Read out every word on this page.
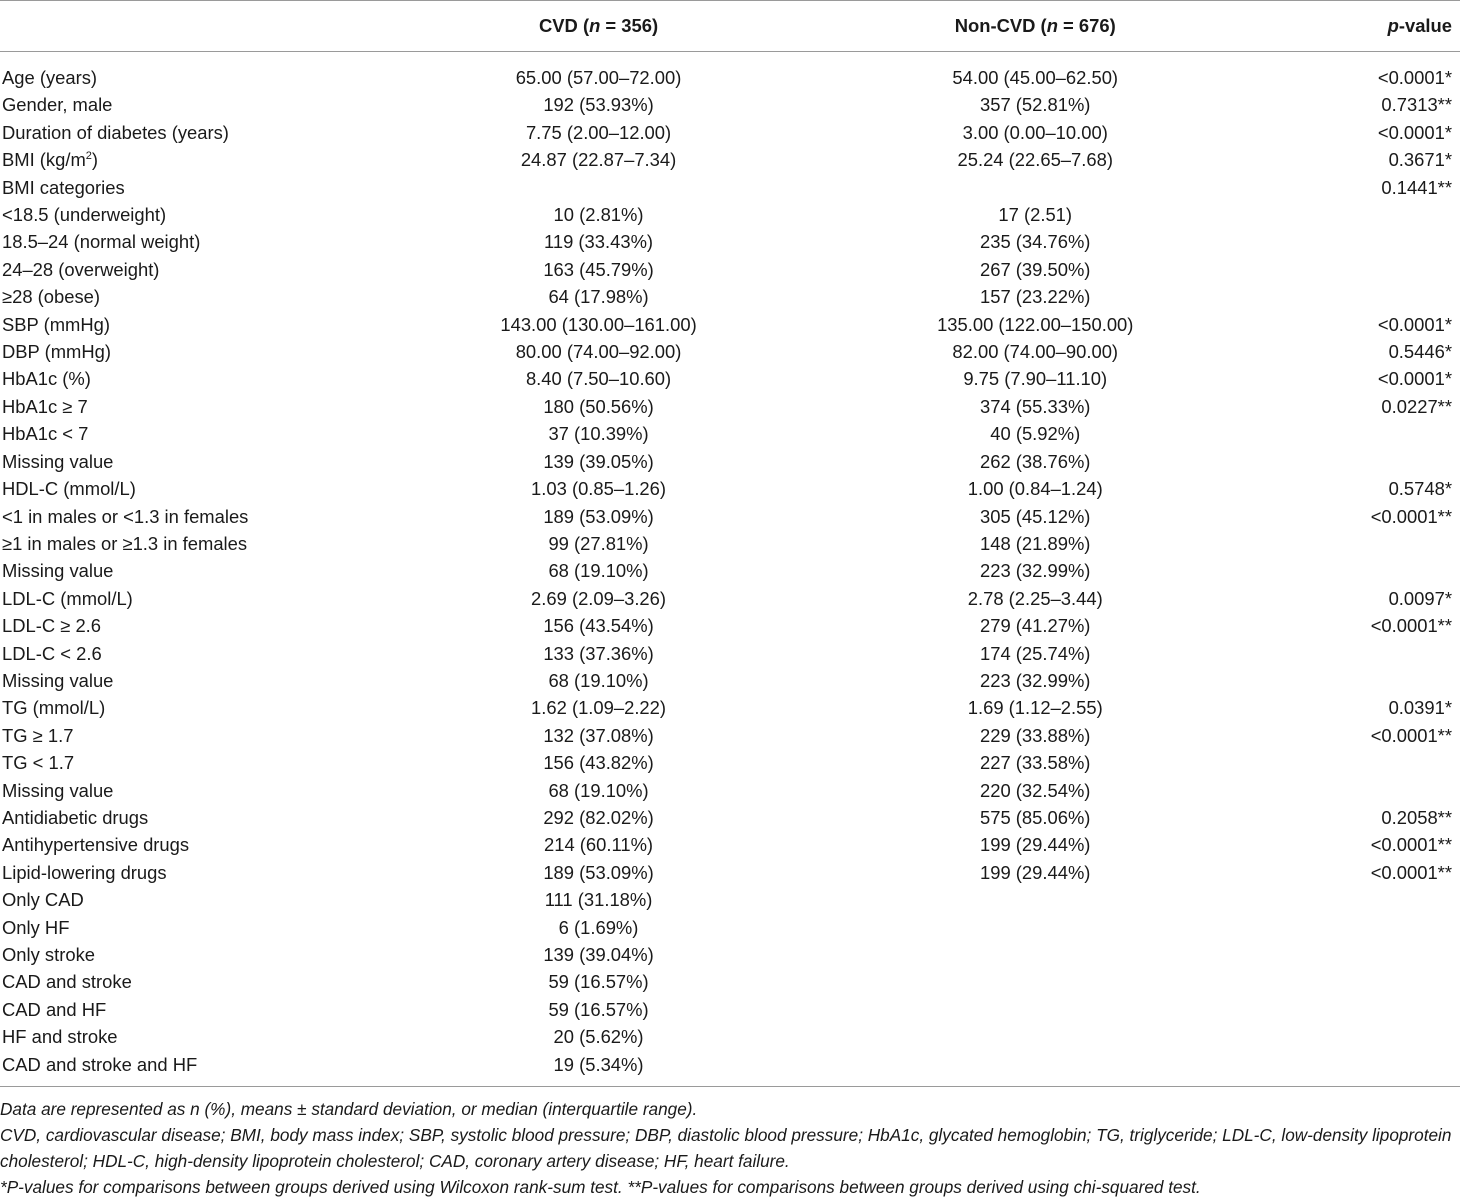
	CVD (n = 356)	Non-CVD (n = 676)	p-value
Age (years)	65.00 (57.00–72.00)	54.00 (45.00–62.50)	<0.0001*
Gender, male	192 (53.93%)	357 (52.81%)	0.7313**
Duration of diabetes (years)	7.75 (2.00–12.00)	3.00 (0.00–10.00)	<0.0001*
BMI $(kg/m^2)$	24.87 (22.87–7.34)	25.24 (22.65–7.68)	0.3671*
BMI categories			0.1441**
<18.5 (underweight)	10 (2.81%)	17 (2.51)	
18.5–24 (normal weight)	119 (33.43%)	235 (34.76%)	
24–28 (overweight)	163 (45.79%)	267 (39.50%)	
≥28 (obese)	64 (17.98%)	157 (23.22%)	
SBP (mmHg)	143.00 (130.00–161.00)	135.00 (122.00–150.00)	<0.0001*
DBP (mmHg)	80.00 (74.00–92.00)	82.00 (74.00–90.00)	0.5446*
HbA1c (%)	8.40 (7.50–10.60)	9.75 (7.90–11.10)	<0.0001*
HbA1c ≥ 7	180 (50.56%)	374 (55.33%)	0.0227**
HbA1c < 7	37 (10.39%)	40 (5.92%)	
Missing value	139 (39.05%)	262 (38.76%)	
HDL-C (mmol/L)	1.03 (0.85–1.26)	1.00 (0.84–1.24)	0.5748*
<1 in males or <1.3 in females	189 (53.09%)	305 (45.12%)	<0.0001**
≥1 in males or ≥1.3 in females	99 (27.81%)	148 (21.89%)	
Missing value	68 (19.10%)	223 (32.99%)	
LDL-C (mmol/L)	2.69 (2.09–3.26)	2.78 (2.25–3.44)	0.0097*
LDL-C ≥ 2.6	156 (43.54%)	279 (41.27%)	<0.0001**
LDL-C < 2.6	133 (37.36%)	174 (25.74%)	
Missing value	68 (19.10%)	223 (32.99%)	
TG (mmol/L)	1.62 (1.09–2.22)	1.69 (1.12–2.55)	0.0391*
TG ≥ 1.7	132 (37.08%)	229 (33.88%)	<0.0001**
TG < 1.7	156 (43.82%)	227 (33.58%)	
Missing value	68 (19.10%)	220 (32.54%)	
Antidiabetic drugs	292 (82.02%)	575 (85.06%)	0.2058**
Antihypertensive drugs	214 (60.11%)	199 (29.44%)	<0.0001**
Lipid-lowering drugs	189 (53.09%)	199 (29.44%)	<0.0001**
Only CAD	111 (31.18%)		
Only HF	6 (1.69%)		
Only stroke	139 (39.04%)		
CAD and stroke	59 (16.57%)		
CAD and HF	59 (16.57%)		
HF and stroke	20 (5.62%)		
CAD and stroke and HF	19 (5.34%)		

Data are represented as n (%), means ± standard deviation, or median (interquartile range).

CVD, cardiovascular disease; BMI, body mass index; SBP, systolic blood pressure; DBP, diastolic blood pressure; HbA1c, glycated hemoglobin; TG, triglyceride; LDL-C, low-density lipoprotein cholesterol; HDL-C, high-density lipoprotein cholesterol; CAD, coronary artery disease; HF, heart failure.

*P-values for comparisons between groups derived using Wilcoxon rank-sum test. **P-values for comparisons between groups derived using chi-squared test.
